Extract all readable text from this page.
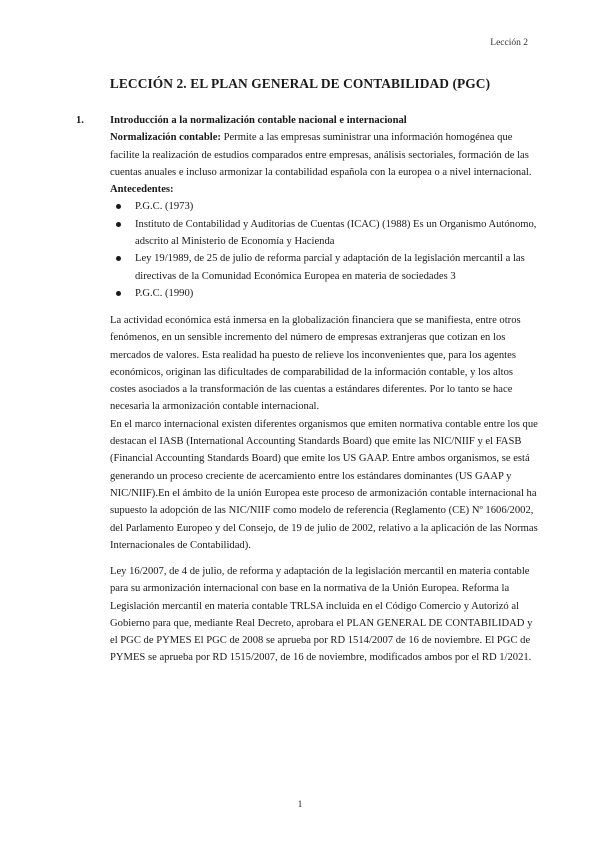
Lección 2
LECCIÓN 2. EL PLAN GENERAL DE CONTABILIDAD (PGC)
1. Introducción a la normalización contable nacional e internacional
Normalización contable: Permite a las empresas suministrar una información homogénea que facilite la realización de estudios comparados entre empresas, análisis sectoriales, formación de las cuentas anuales e incluso armonizar la contabilidad española con la europea o a nivel internacional.
Antecedentes:
P.G.C. (1973)
Instituto de Contabilidad y Auditorias de Cuentas (ICAC) (1988) Es un Organismo Autónomo, adscrito al Ministerio de Economía y Hacienda
Ley 19/1989, de 25 de julio de reforma parcial y adaptación de la legislación mercantil a las directivas de la Comunidad Económica Europea en materia de sociedades 3
P.G.C. (1990)

La actividad económica está inmersa en la globalización financiera que se manifiesta, entre otros fenómenos, en un sensible incremento del número de empresas extranjeras que cotizan en los mercados de valores. Esta realidad ha puesto de relieve los inconvenientes que, para los agentes económicos, originan las dificultades de comparabilidad de la información contable, y los altos costes asociados a la transformación de las cuentas a estándares diferentes. Por lo tanto se hace necesaria la armonización contable internacional.

En el marco internacional existen diferentes organismos que emiten normativa contable entre los que destacan el IASB (International Accounting Standards Board) que emite las NIC/NIIF y el FASB (Financial Accounting Standards Board) que emite los US GAAP. Entre ambos organismos, se está generando un proceso creciente de acercamiento entre los estándares dominantes (US GAAP y NIC/NIIF).En el ámbito de la unión Europea este proceso de armonización contable internacional ha supuesto la adopción de las NIC/NIIF como modelo de referencia (Reglamento (CE) Nº 1606/2002, del Parlamento Europeo y del Consejo, de 19 de julio de 2002, relativo a la aplicación de las Normas Internacionales de Contabilidad).

Ley 16/2007, de 4 de julio, de reforma y adaptación de la legislación mercantil en materia contable para su armonización internacional con base en la normativa de la Unión Europea. Reforma la Legislación mercantil en materia contable TRLSA incluida en el Código Comercio y Autorizó al Gobierno para que, mediante Real Decreto, aprobara el PLAN GENERAL DE CONTABILIDAD y el PGC de PYMES El PGC de 2008 se aprueba por RD 1514/2007 de 16 de noviembre. El PGC de PYMES se aprueba por RD 1515/2007, de 16 de noviembre, modificados ambos por el RD 1/2021.

1
